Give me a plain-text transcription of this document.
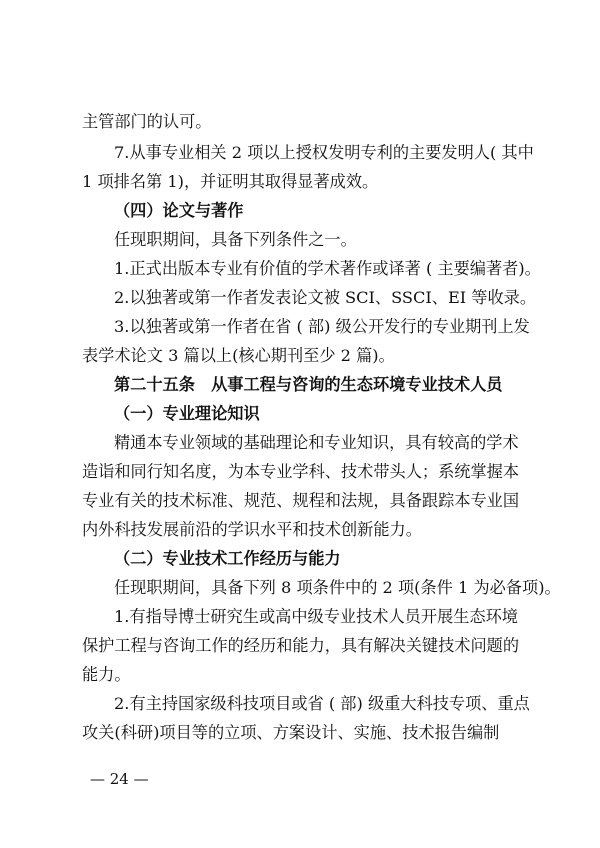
主管部门的认可。
7.从事专业相关 2 项以上授权发明专利的主要发明人( 其中
1 项排名第 1)，并证明其取得显著成效。
（四）论文与著作
任现职期间，具备下列条件之一。
1.正式出版本专业有价值的学术著作或译著 ( 主要编著者)。
2.以独著或第一作者发表论文被 SCI、SSCI、EI 等收录。
3.以独著或第一作者在省 ( 部) 级公开发行的专业期刊上发
表学术论文 3 篇以上(核心期刊至少 2 篇)。
第二十五条　从事工程与咨询的生态环境专业技术人员
（一）专业理论知识
精通本专业领域的基础理论和专业知识，具有较高的学术
造诣和同行知名度，为本专业学科、技术带头人；系统掌握本
专业有关的技术标准、规范、规程和法规，具备跟踪本专业国
内外科技发展前沿的学识水平和技术创新能力。
（二）专业技术工作经历与能力
任现职期间，具备下列 8 项条件中的 2 项(条件 1 为必备项)。
1.有指导博士研究生或高中级专业技术人员开展生态环境
保护工程与咨询工作的经历和能力，具有解决关键技术问题的
能力。
2.有主持国家级科技项目或省 ( 部) 级重大科技专项、重点
攻关(科研)项目等的立项、方案设计、实施、技术报告编制
— 24 —
